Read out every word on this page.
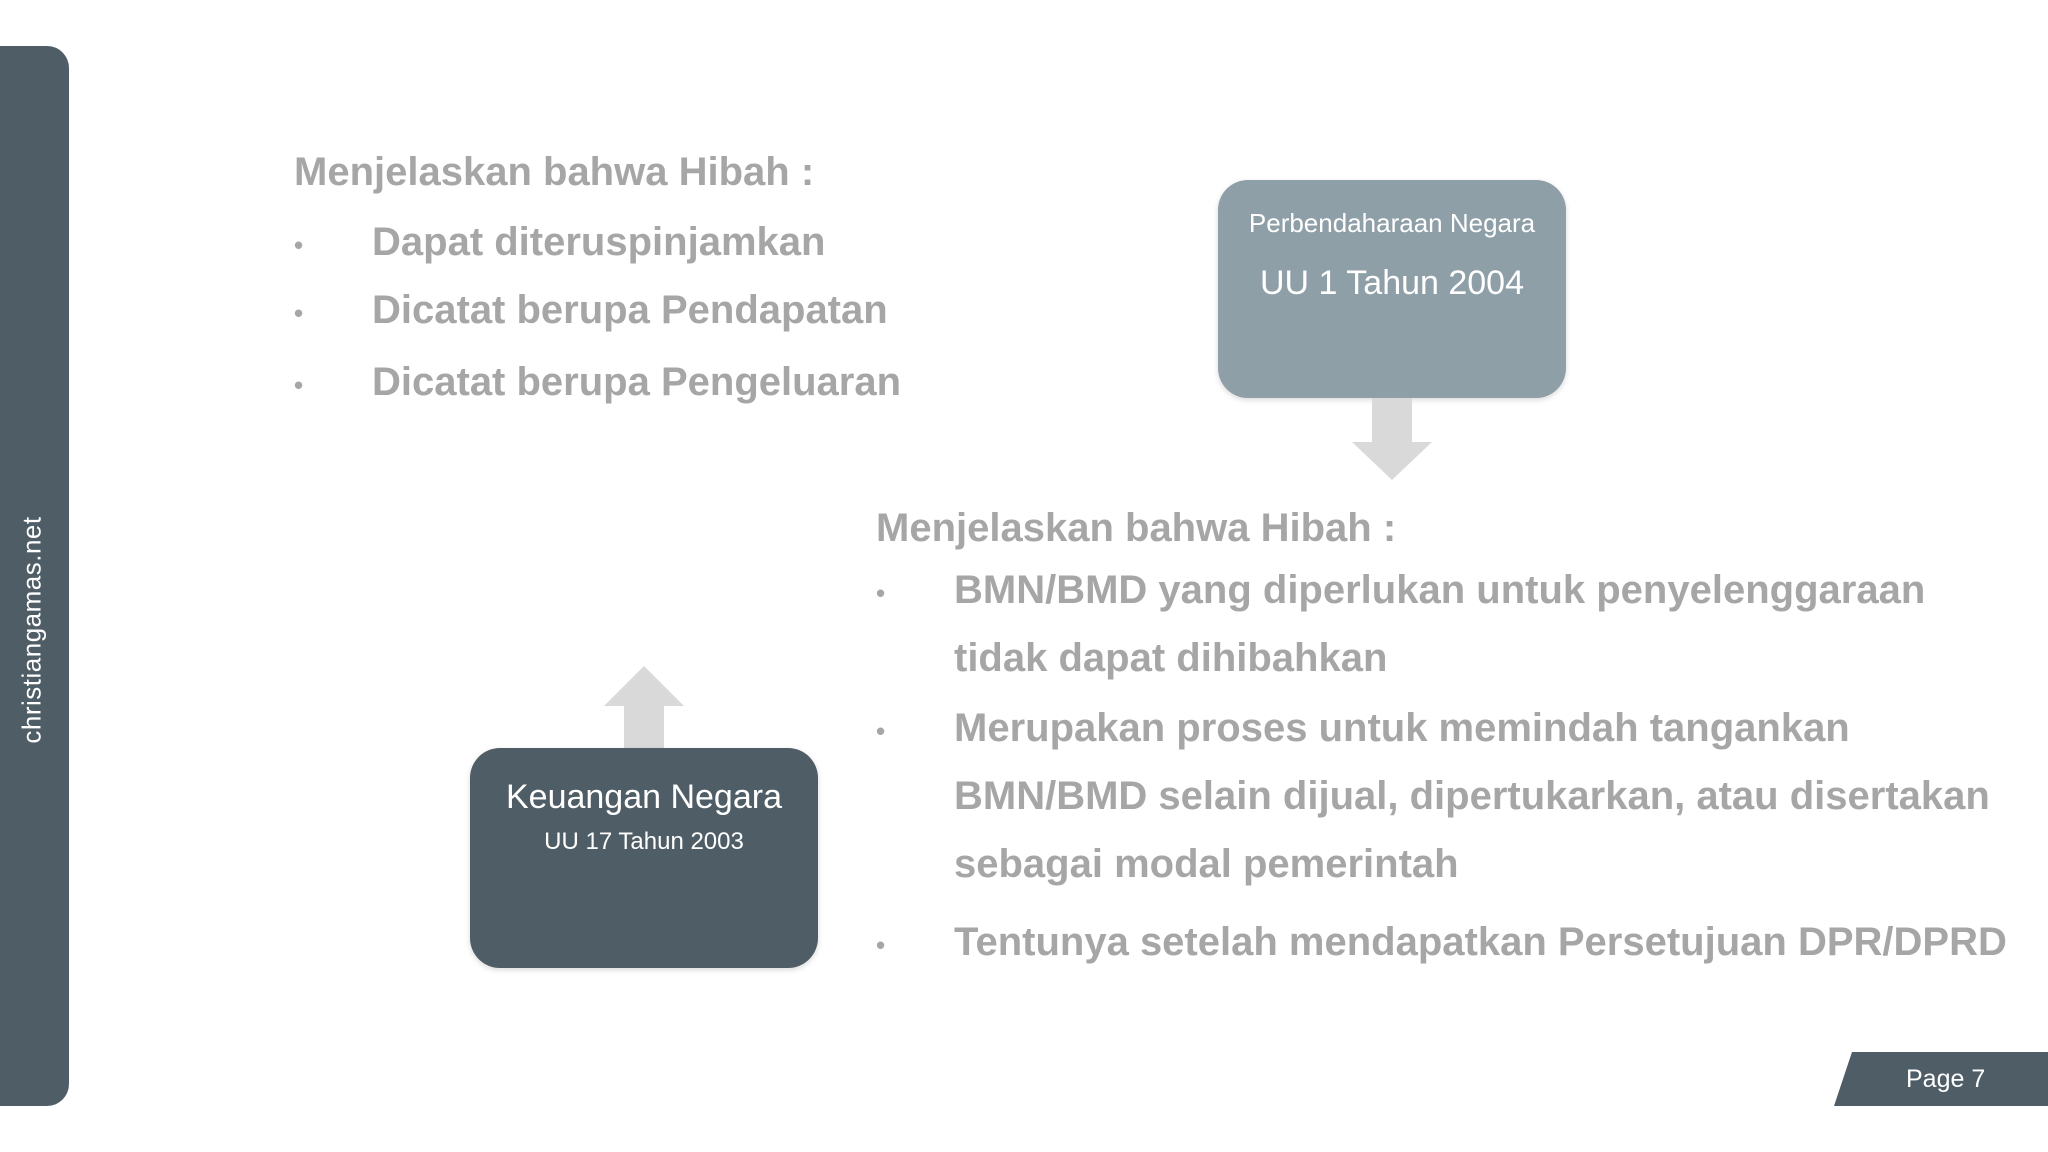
christiangamas.net
Menjelaskan bahwa Hibah :
• Dapat diteruspinjamkan
• Dicatat berupa Pendapatan
• Dicatat berupa Pengeluaran
Perbendaharaan Negara
UU 1 Tahun 2004
Menjelaskan bahwa Hibah :
• BMN/BMD yang diperlukan untuk penyelenggaraan
tidak dapat dihibahkan
• Merupakan proses untuk memindah tangankan
BMN/BMD selain dijual, dipertukarkan, atau disertakan
sebagai modal pemerintah
• Tentunya setelah mendapatkan Persetujuan DPR/DPRD
Keuangan Negara
UU 17 Tahun 2003
Page 7
